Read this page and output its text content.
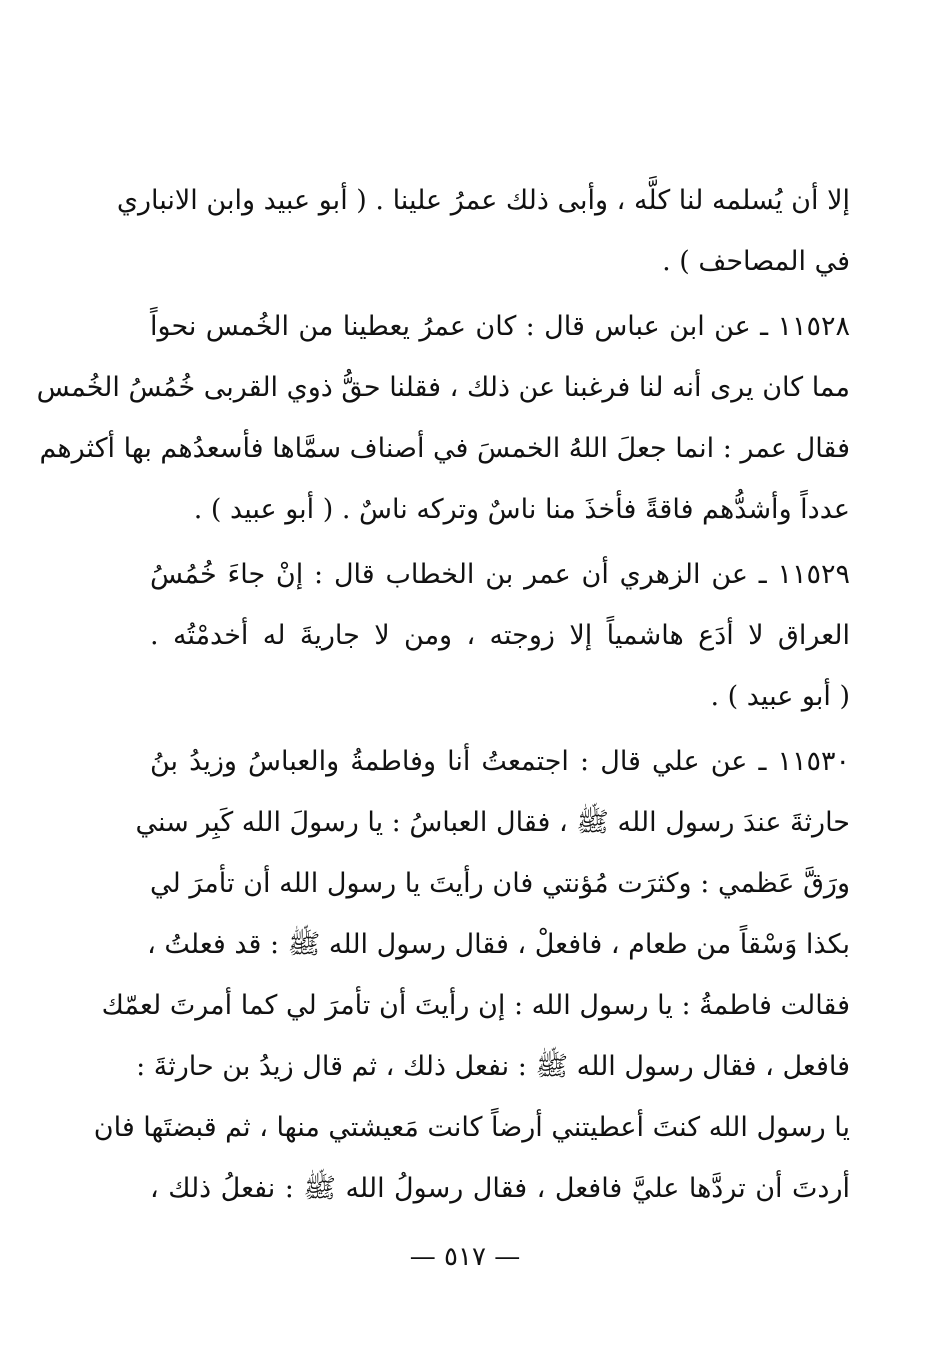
إلا أن يُسلمه لنا كلَّه ، وأبى ذلك عمرُ علينا . ( أبو عبيد وابن الانباري
في المصاحف ) .
١١٥٢٨ ـ عن ابن عباس قال : كان عمرُ يعطينا من الخُمس نحواً
مما كان يرى أنه لنا فرغبنا عن ذلك ، فقلنا حقُّ ذوي القربى خُمُسُ الخُمس
فقال عمر : انما جعلَ اللهُ الخمسَ في أصناف سمَّاها فأسعدُهم بها أكثرهم
عدداً وأشدُّهم فاقةً فأخذَ منا ناسٌ وتركه ناسٌ . ( أبو عبيد ) .
١١٥٢٩ ـ عن الزهري أن عمر بن الخطاب قال : إنْ جاءَ خُمُسُ
العراق لا أدَع هاشمياً إلا زوجته ، ومن لا جاريةَ له أخدمْتُه .
( أبو عبيد ) .
١١٥٣٠ ـ عن علي قال : اجتمعتُ أنا وفاطمةُ والعباسُ وزيدُ بنُ
حارثةَ عندَ رسول الله ﷺ ، فقال العباسُ : يا رسولَ الله كَبِر سني
ورَقَّ عَظمي : وكثرَت مُؤنتي فان رأيتَ يا رسول الله أن تأمرَ لي
بكذا وَسْقاً من طعام ، فافعلْ ، فقال رسول الله ﷺ : قد فعلتُ ،
فقالت فاطمةُ : يا رسول الله : إن رأيتَ أن تأمرَ لي كما أمرتَ لعمّك
فافعل ، فقال رسول الله ﷺ : نفعل ذلك ، ثم قال زيدُ بن حارثةَ :
يا رسول الله كنتَ أعطيتني أرضاً كانت مَعيشتي منها ، ثم قبضتَها فان
أردتَ أن تردَّها عليَّ فافعل ، فقال رسولُ الله ﷺ : نفعلُ ذلك ،
— ٥١٧ —
